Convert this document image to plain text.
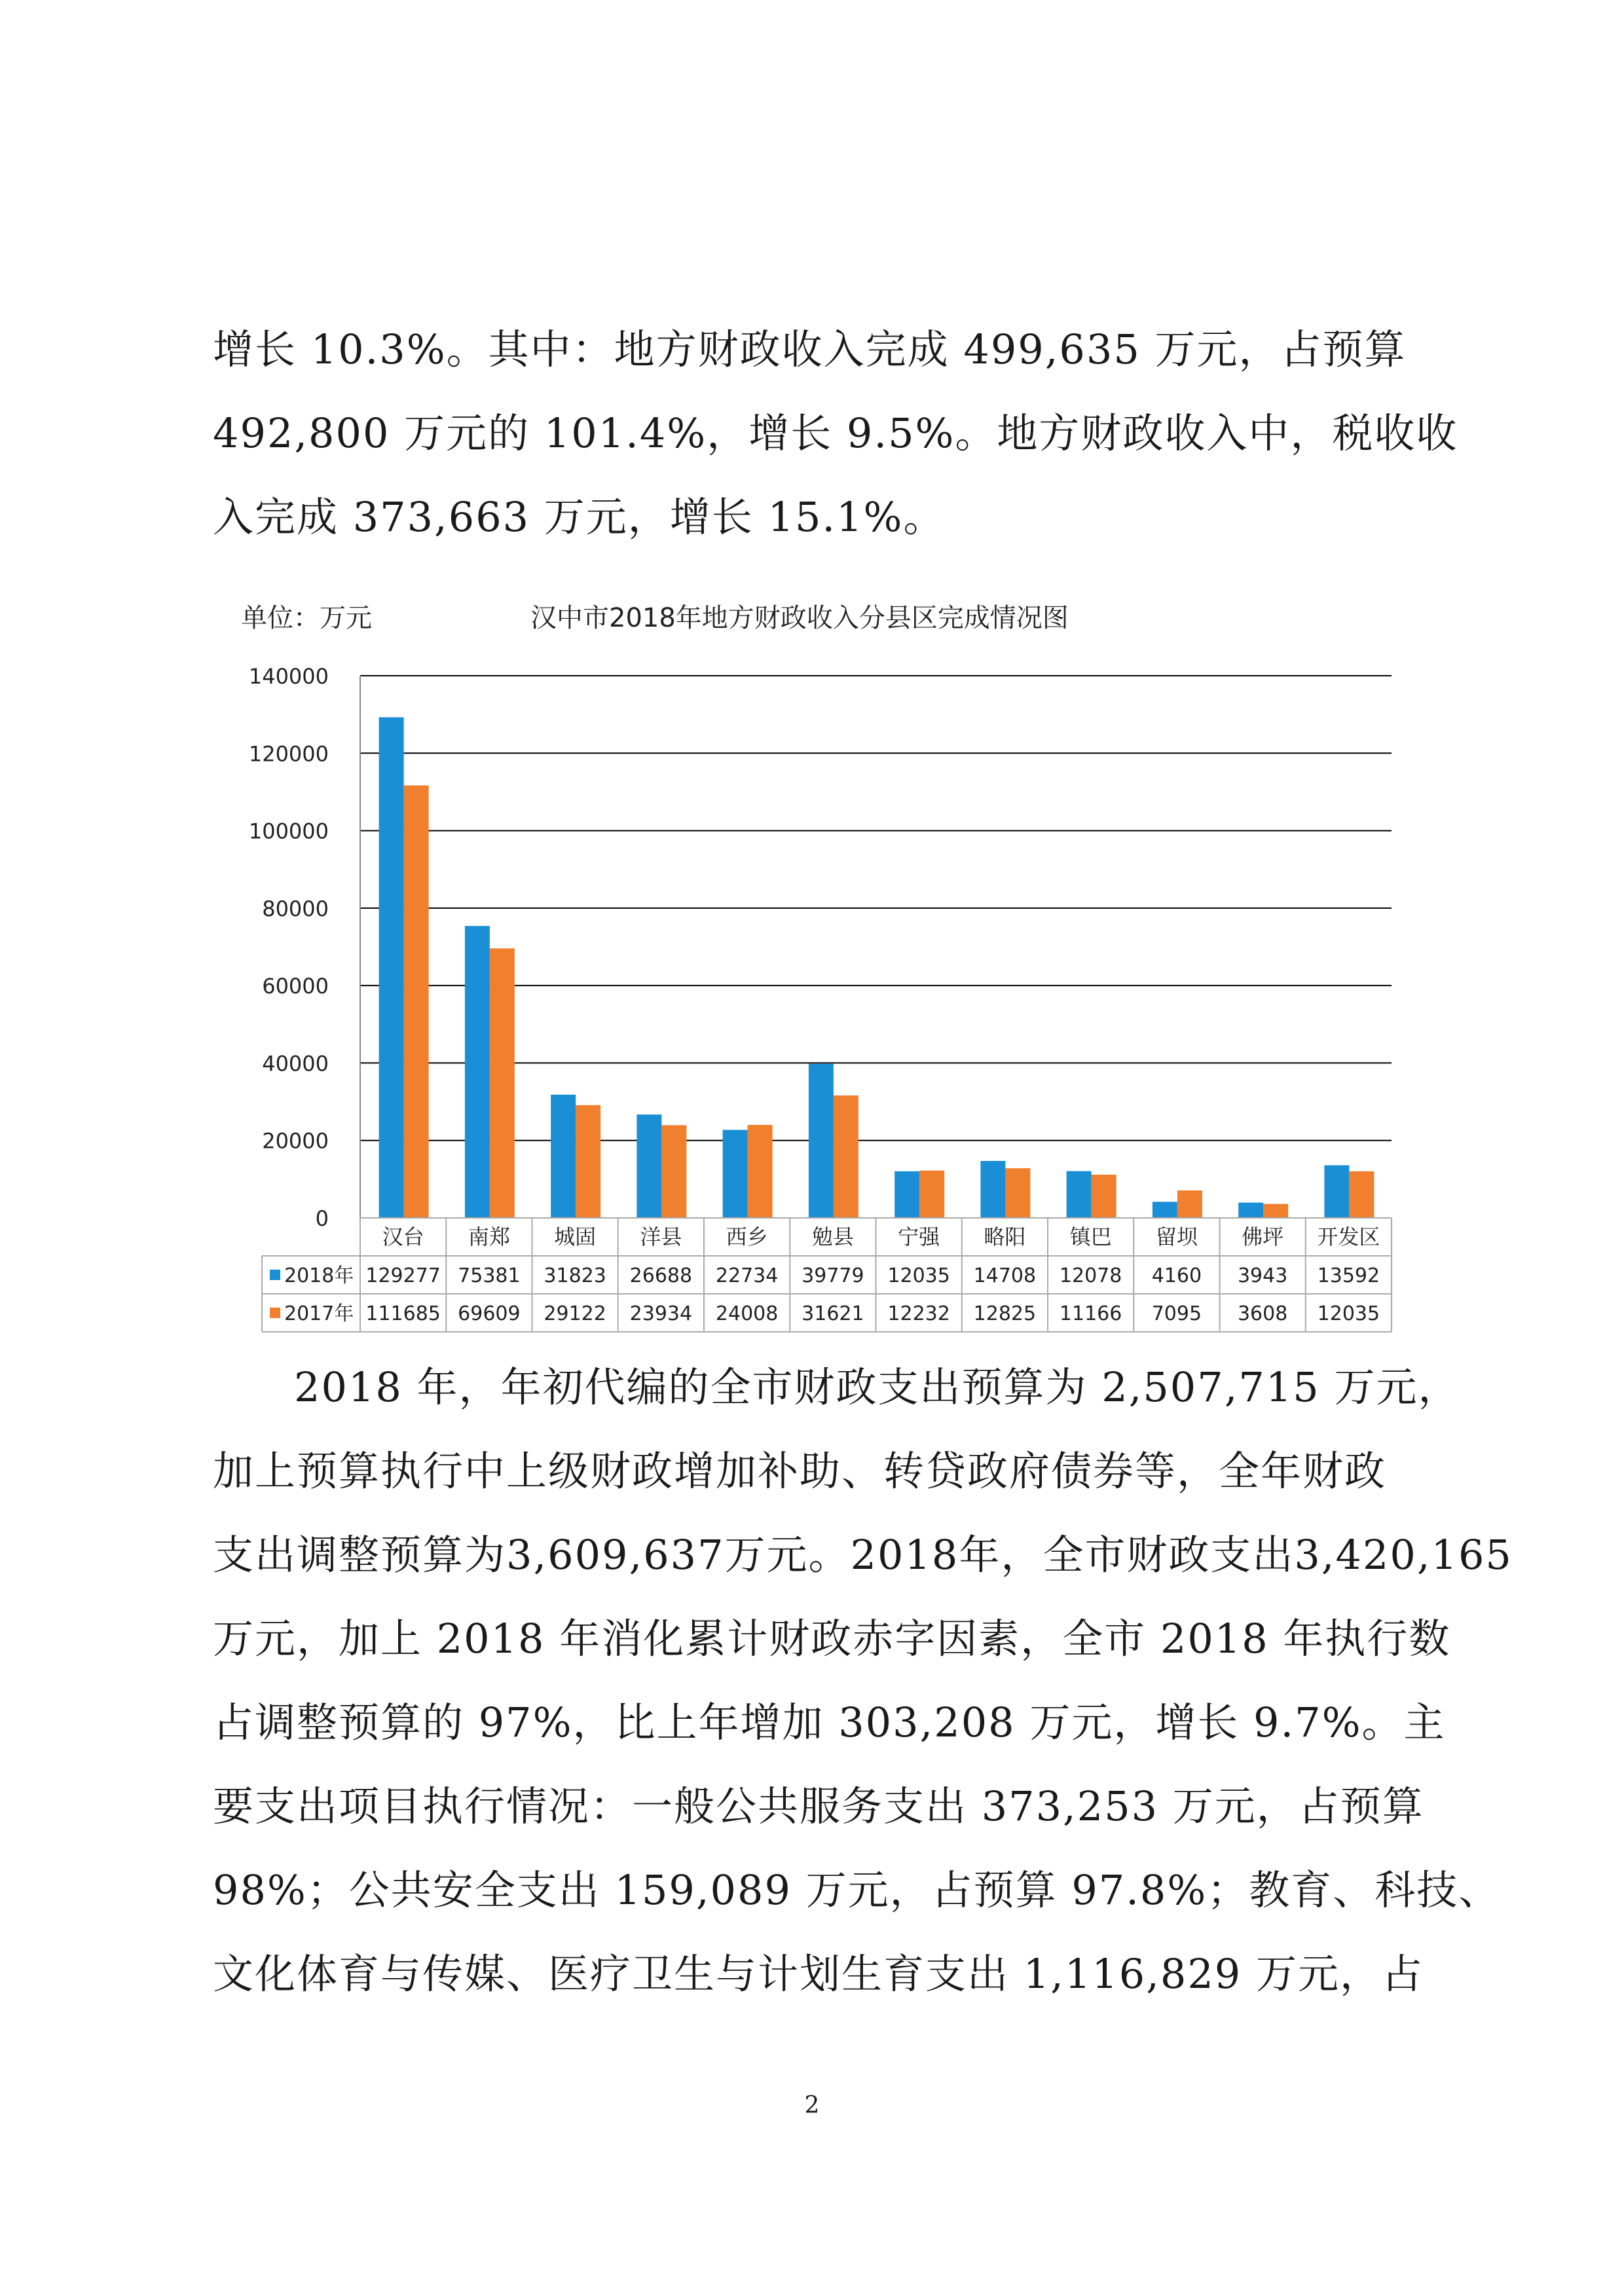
增长 10.3%。其中：地方财政收入完成 499,635 万元，占预算
492,800 万元的 101.4%，增长 9.5%。地方财政收入中，税收收
入完成 373,663 万元，增长 15.1%。
单位：万元	汉中市2018年地方财政收入分县区完成情况图
0
20000
40000
60000
80000
100000
120000
140000
汉台 南郑 城固 洋县 西乡 勉县 宁强 略阳 镇巴 留坝 佛坪 开发区
2018年 129277 75381 31823 26688 22734 39779 12035 14708 12078 4160 3943 13592
2017年 111685 69609 29122 23934 24008 31621 12232 12825 11166 7095 3608 12035
2018 年，年初代编的全市财政支出预算为 2,507,715 万元，
加上预算执行中上级财政增加补助、转贷政府债券等，全年财政
支出调整预算为3,609,637万元。2018年，全市财政支出3,420,165
万元，加上 2018 年消化累计财政赤字因素，全市 2018 年执行数
占调整预算的 97%，比上年增加 303,208 万元，增长 9.7%。主
要支出项目执行情况：一般公共服务支出 373,253 万元，占预算
98%；公共安全支出 159,089 万元，占预算 97.8%；教育、科技、
文化体育与传媒、医疗卫生与计划生育支出 1,116,829 万元，占
2
